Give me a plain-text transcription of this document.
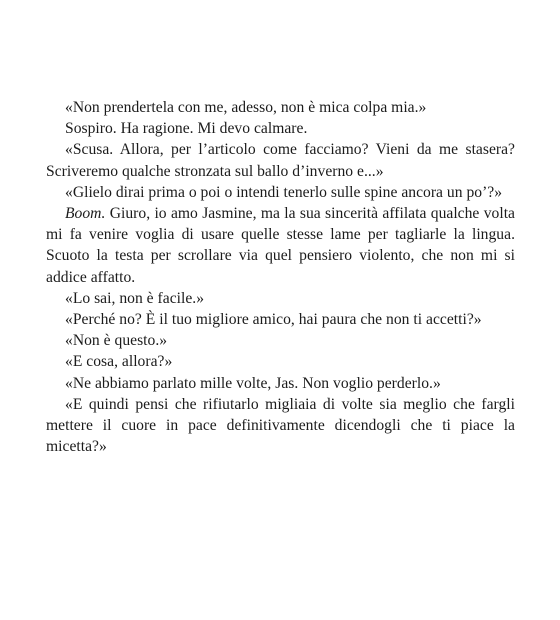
«Non prendertela con me, adesso, non è mica colpa mia.»

Sospiro. Ha ragione. Mi devo calmare.

«Scusa. Allora, per l’articolo come facciamo? Vieni da me stasera? Scriveremo qualche stronzata sul ballo d’inverno e...»

«Glielo dirai prima o poi o intendi tenerlo sulle spine ancora un po’?»

Boom. Giuro, io amo Jasmine, ma la sua sincerità affilata qualche volta mi fa venire voglia di usare quelle stesse lame per tagliarle la lingua. Scuoto la testa per scrollare via quel pensiero violento, che non mi si addice affatto.

«Lo sai, non è facile.»

«Perché no? È il tuo migliore amico, hai paura che non ti accetti?»

«Non è questo.»

«E cosa, allora?»

«Ne abbiamo parlato mille volte, Jas. Non voglio perderlo.»

«E quindi pensi che rifiutarlo migliaia di volte sia meglio che fargli mettere il cuore in pace definitivamente dicendogli che ti piace la micetta?»
